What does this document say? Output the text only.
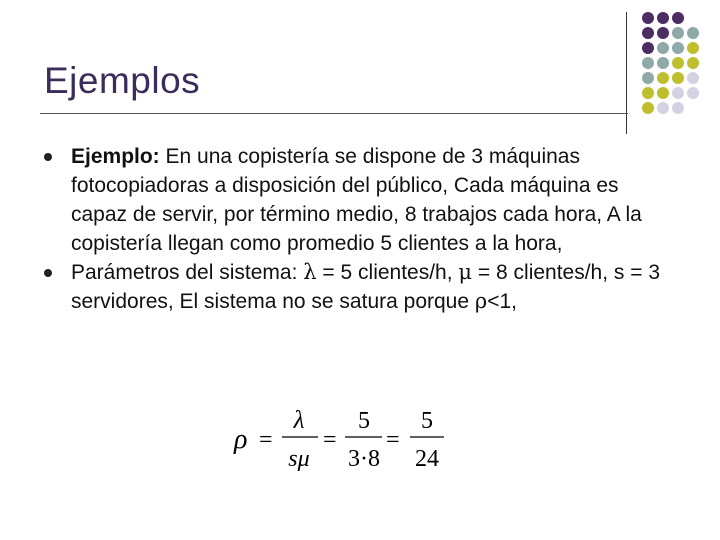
Ejemplos
Ejemplo: En una copistería se dispone de 3 máquinas fotocopiadoras a disposición del público, Cada máquina es capaz de servir, por término medio, 8 trabajos cada hora, A la copistería llegan como promedio 5 clientes a la hora,
Parámetros del sistema: λ = 5 clientes/h, μ = 8 clientes/h, s = 3 servidores, El sistema no se satura porque ρ<1,
ρ =
λ
sμ
=
5
3·8
=
5
24
